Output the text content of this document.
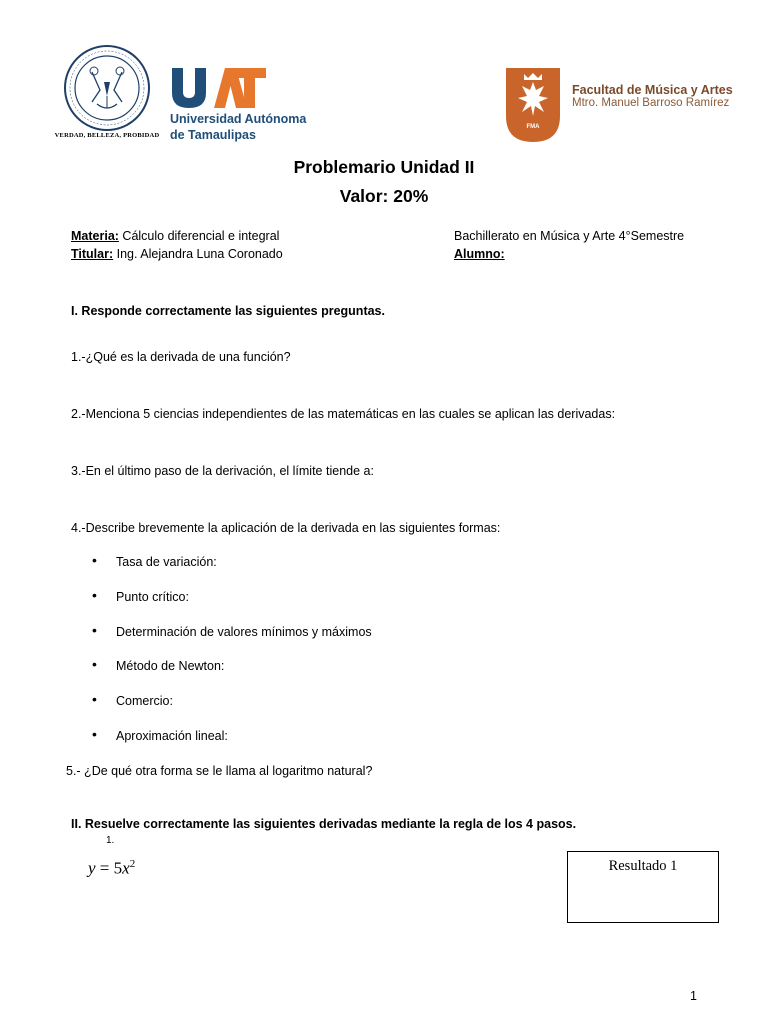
VERDAD, BELLEZA, PROBIDAD
Universidad Autónoma
de Tamaulipas
FMA
Facultad de Música y Artes
Mtro. Manuel Barroso Ramírez
Problemario Unidad II
Valor: 20%
Materia: Cálculo diferencial e integral
Titular: Ing. Alejandra Luna Coronado
Bachillerato en Música y Arte 4°Semestre
Alumno:
I. Responde correctamente las siguientes preguntas.
1.-¿Qué es la derivada de una función?
2.-Menciona 5 ciencias independientes de las matemáticas en las cuales se aplican las derivadas:
3.-En el último paso de la derivación, el límite tiende a:
4.-Describe brevemente la aplicación de la derivada en las siguientes formas:
• Tasa de variación:
• Punto crítico:
• Determinación de valores mínimos y máximos
• Método de Newton:
• Comercio:
• Aproximación lineal:
5.- ¿De qué otra forma se le llama al logaritmo natural?
II. Resuelve correctamente las siguientes derivadas mediante la regla de los 4 pasos.
1.
$y = 5x^2$	Resultado 1
1
